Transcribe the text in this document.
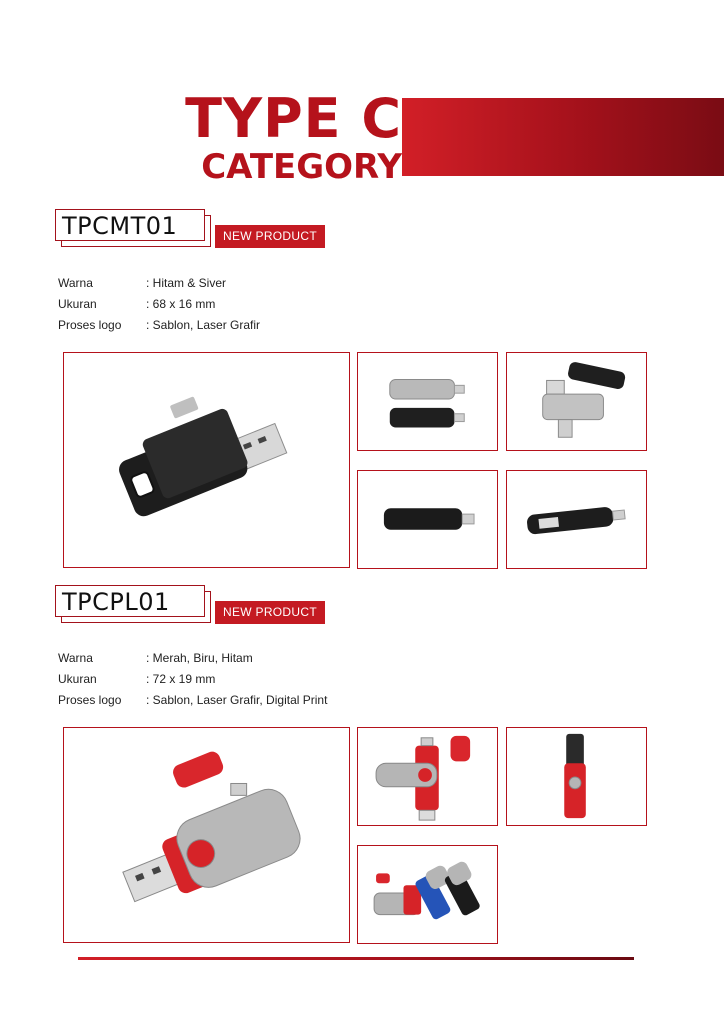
TYPE C
CATEGORY
TPCMT01	NEW PRODUCT
Warna	: Hitam & Siver
Ukuran	: 68 x 16 mm
Proses logo	: Sablon, Laser Grafir
TPCPL01	NEW PRODUCT
Warna	: Merah, Biru, Hitam
Ukuran	: 72 x 19 mm
Proses logo	: Sablon, Laser Grafir, Digital Print
